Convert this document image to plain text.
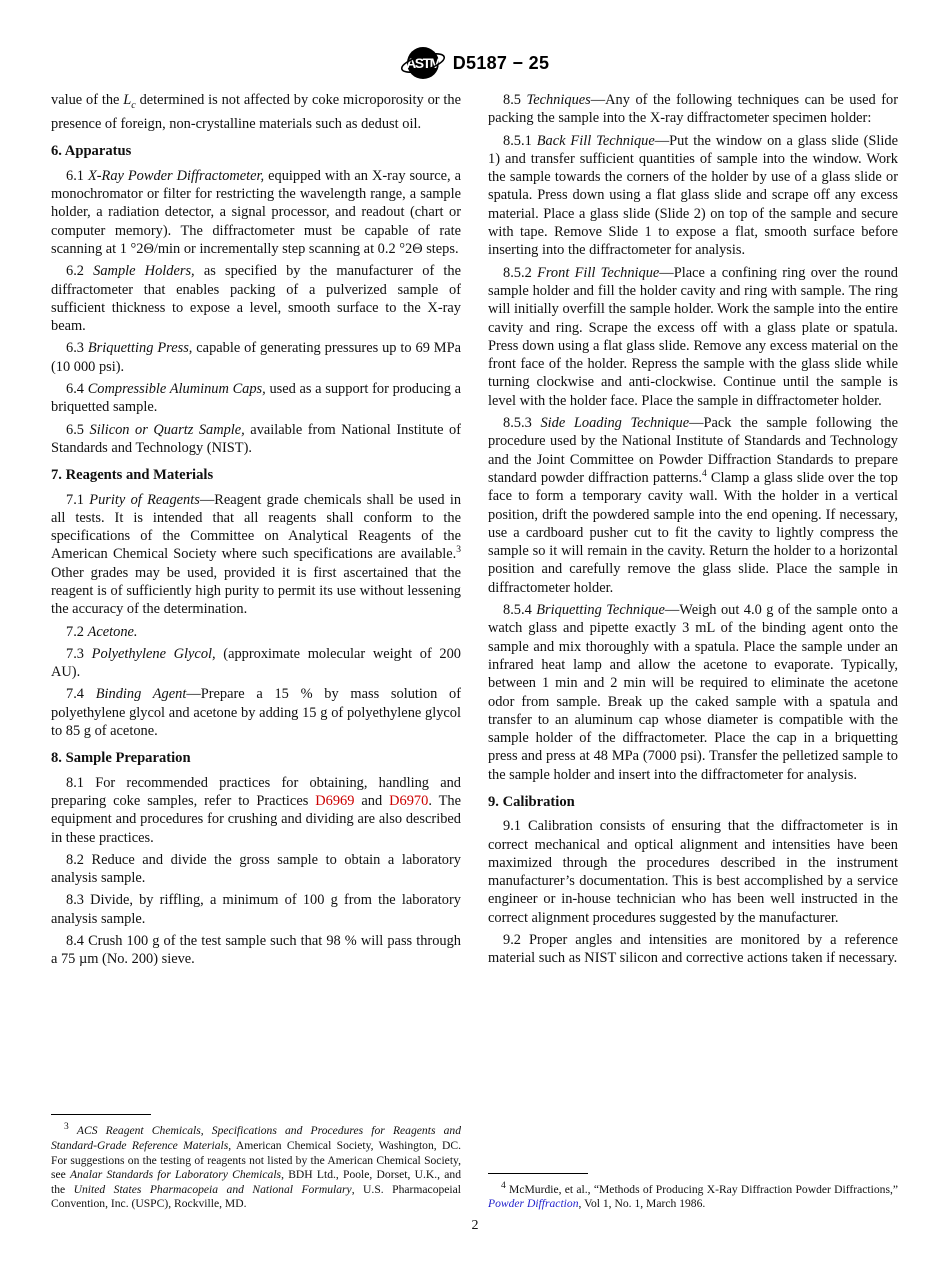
ASTM D5187 − 25

value of the $L_c$ determined is not affected by coke microporosity or the presence of foreign, non-crystalline materials such as dedust oil.

6. Apparatus

6.1 X-Ray Powder Diffractometer, equipped with an X-ray source, a monochromator or filter for restricting the wavelength range, a sample holder, a radiation detector, a signal processor, and readout (chart or computer memory). The diffractometer must be capable of rate scanning at 1 °2Θ/min or incrementally step scanning at 0.2 °2Θ steps.

6.2 Sample Holders, as specified by the manufacturer of the diffractometer that enables packing of a pulverized sample of sufficient thickness to expose a level, smooth surface to the X-ray beam.

6.3 Briquetting Press, capable of generating pressures up to 69 MPa (10 000 psi).

6.4 Compressible Aluminum Caps, used as a support for producing a briquetted sample.

6.5 Silicon or Quartz Sample, available from National Institute of Standards and Technology (NIST).

7. Reagents and Materials

7.1 Purity of Reagents—Reagent grade chemicals shall be used in all tests. It is intended that all reagents shall conform to the specifications of the Committee on Analytical Reagents of the American Chemical Society where such specifications are available.$^3$ Other grades may be used, provided it is first ascertained that the reagent is of sufficiently high purity to permit its use without lessening the accuracy of the determination.

7.2 Acetone.

7.3 Polyethylene Glycol, (approximate molecular weight of 200 AU).

7.4 Binding Agent—Prepare a 15 % by mass solution of polyethylene glycol and acetone by adding 15 g of polyethylene glycol to 85 g of acetone.

8. Sample Preparation

8.1 For recommended practices for obtaining, handling and preparing coke samples, refer to Practices D6969 and D6970. The equipment and procedures for crushing and dividing are also described in these practices.

8.2 Reduce and divide the gross sample to obtain a laboratory analysis sample.

8.3 Divide, by riffling, a minimum of 100 g from the laboratory analysis sample.

8.4 Crush 100 g of the test sample such that 98 % will pass through a 75 µm (No. 200) sieve.

$^3$ ACS Reagent Chemicals, Specifications and Procedures for Reagents and Standard-Grade Reference Materials, American Chemical Society, Washington, DC. For suggestions on the testing of reagents not listed by the American Chemical Society, see Analar Standards for Laboratory Chemicals, BDH Ltd., Poole, Dorset, U.K., and the United States Pharmacopeia and National Formulary, U.S. Pharmacopeial Convention, Inc. (USPC), Rockville, MD.

8.5 Techniques—Any of the following techniques can be used for packing the sample into the X-ray diffractometer specimen holder:

8.5.1 Back Fill Technique—Put the window on a glass slide (Slide 1) and transfer sufficient quantities of sample into the window. Work the sample towards the corners of the holder by use of a glass slide or spatula. Press down using a flat glass slide and scrape off any excess material. Place a glass slide (Slide 2) on top of the sample and secure with tape. Remove Slide 1 to expose a flat, smooth surface before inserting into the diffractometer for analysis.

8.5.2 Front Fill Technique—Place a confining ring over the round sample holder and fill the holder cavity and ring with sample. The ring will initially overfill the sample holder. Work the sample into the entire cavity and ring. Scrape the excess off with a glass plate or spatula. Press down using a flat glass slide. Remove any excess material on the front face of the holder. Repress the sample with the glass slide while turning clockwise and anti-clockwise. Continue until the sample is level with the holder face. Place the sample in diffractometer holder.

8.5.3 Side Loading Technique—Pack the sample following the procedure used by the National Institute of Standards and Technology and the Joint Committee on Powder Diffraction Standards to prepare standard powder diffraction patterns.$^4$ Clamp a glass slide over the top face to form a temporary cavity wall. With the holder in a vertical position, drift the powdered sample into the end opening. If necessary, use a cardboard pusher cut to fit the cavity to lightly compress the sample so it will remain in the cavity. Return the holder to a horizontal position and carefully remove the glass slide. Place the sample in diffractometer holder.

8.5.4 Briquetting Technique—Weigh out 4.0 g of the sample onto a watch glass and pipette exactly 3 mL of the binding agent onto the sample and mix thoroughly with a spatula. Place the sample under an infrared heat lamp and allow the acetone to evaporate. Typically, between 1 min and 2 min will be required to eliminate the acetone odor from sample. Break up the caked sample with a spatula and transfer to an aluminum cap whose diameter is compatible with the sample holder of the diffractometer. Place the cap in a briquetting press and press at 48 MPa (7000 psi). Transfer the pelletized sample to the sample holder and insert into the diffractometer for analysis.

9. Calibration

9.1 Calibration consists of ensuring that the diffractometer is in correct mechanical and optical alignment and intensities have been maximized through the procedures described in the instrument manufacturer’s documentation. This is best accomplished by a service engineer or in-house technician who has been well instructed in the correct alignment procedures suggested by the manufacturer.

9.2 Proper angles and intensities are monitored by a reference material such as NIST silicon and corrective actions taken if necessary.

$^4$ McMurdie, et al., “Methods of Producing X-Ray Diffraction Powder Diffractions,” Powder Diffraction, Vol 1, No. 1, March 1986.

2
